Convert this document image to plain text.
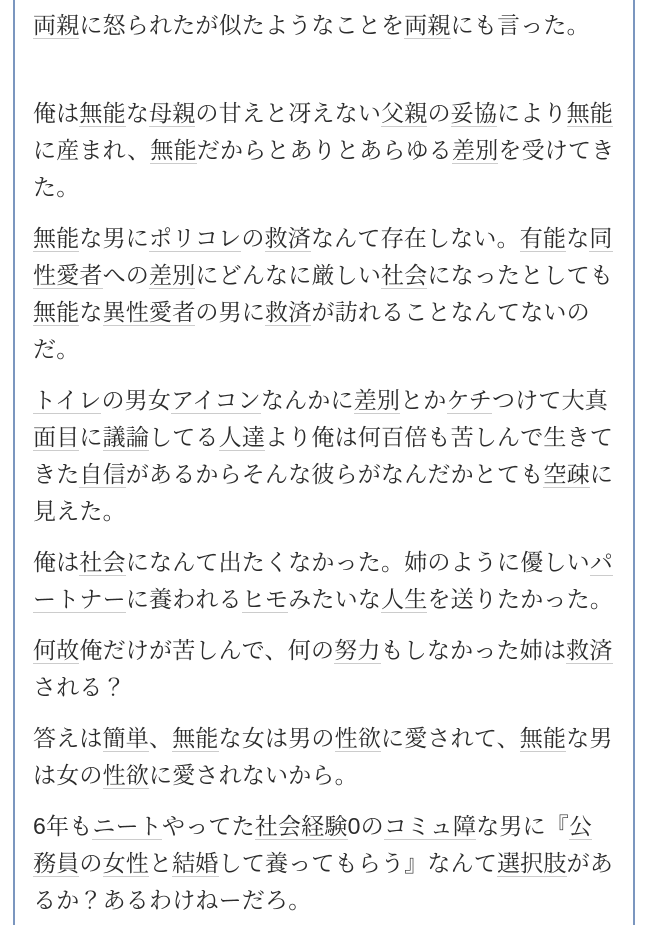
両親に怒られたが似たようなことを両親にも言った。

俺は無能な母親の甘えと冴えない父親の妥協により無能に産まれ、無能だからとありとあらゆる差別を受けてきた。

無能な男にポリコレの救済なんて存在しない。有能な同性愛者への差別にどんなに厳しい社会になったとしても無能な異性愛者の男に救済が訪れることなんてないのだ。

トイレの男女アイコンなんかに差別とかケチつけて大真面目に議論してる人達より俺は何百倍も苦しんで生きてきた自信があるからそんな彼らがなんだかとても空疎に見えた。

俺は社会になんて出たくなかった。姉のように優しいパートナーに養われるヒモみたいな人生を送りたかった。

何故俺だけが苦しんで、何の努力もしなかった姉は救済される？

答えは簡単、無能な女は男の性欲に愛されて、無能な男は女の性欲に愛されないから。

6年もニートやってた社会経験0のコミュ障な男に『公務員の女性と結婚して養ってもらう』なんて選択肢があるか？あるわけねーだろ。
